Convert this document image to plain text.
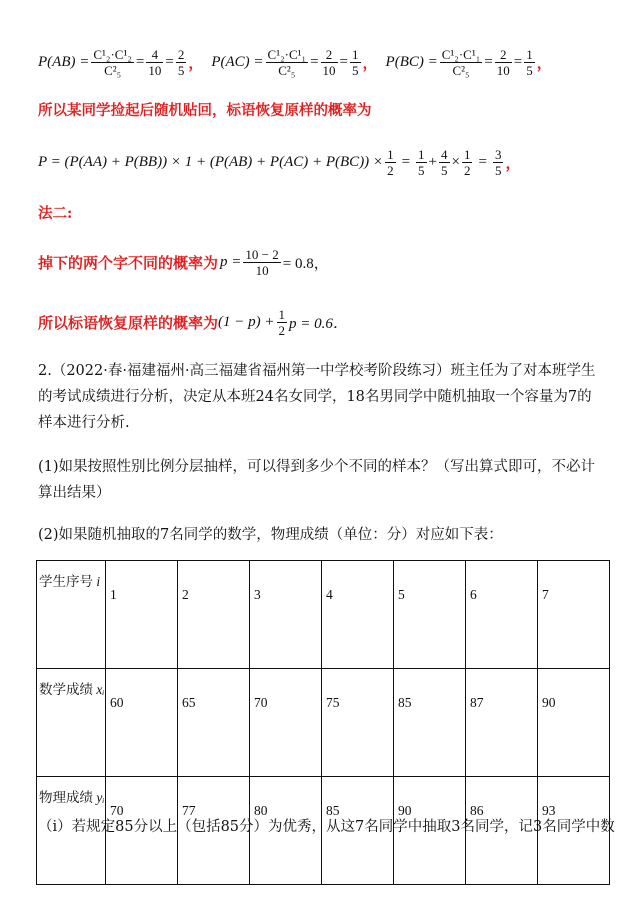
$P(AB) = \frac{\text{C¹₂·C¹₂}}{\text{C²₅}} = \frac{4}{10} = \frac{2}{5}$ ， $P(AC) = \frac{\text{C¹₂·C¹₁}}{\text{C²₅}} = \frac{2}{10} = \frac{1}{5}$ ， $P(BC) = \frac{\text{C¹₂·C¹₁}}{\text{C²₅}} = \frac{2}{10} = \frac{1}{5}$ ，
所以某同学捡起后随机贴回，标语恢复原样的概率为
$P = (P(AA) + P(BB)) \times 1 + (P(AB) + P(AC) + P(BC)) \times \frac{1}{2} = \frac{1}{5} + \frac{4}{5} \times \frac{1}{2} = \frac{3}{5}$ ，
法二:
掉下的两个字不同的概率为 $p = \frac{10 - 2}{10} = 0.8$，
所以标语恢复原样的概率为 $(1 - p) + \frac{1}{2}$ p = 0.6．
2.（2022·春·福建福州·高三福建省福州第一中学校考阶段练习）班主任为了对本班学生的考试成绩进行分析，决定从本班24名女同学，18名男同学中随机抽取一个容量为7的样本进行分析.
(1)如果按照性别比例分层抽样，可以得到多少个不同的样本？（写出算式即可，不必计算出结果）
(2)如果随机抽取的7名同学的数学，物理成绩（单位：分）对应如下表：
学生序号 i	1	2	3	4	5	6	7
数学成绩 xᵢ	60	65	70	75	85	87	90
物理成绩 yᵢ	70	77	80	85	90	86	93
（i）若规定85分以上（包括85分）为优秀，从这7名同学中抽取3名同学，记3名同学中数
